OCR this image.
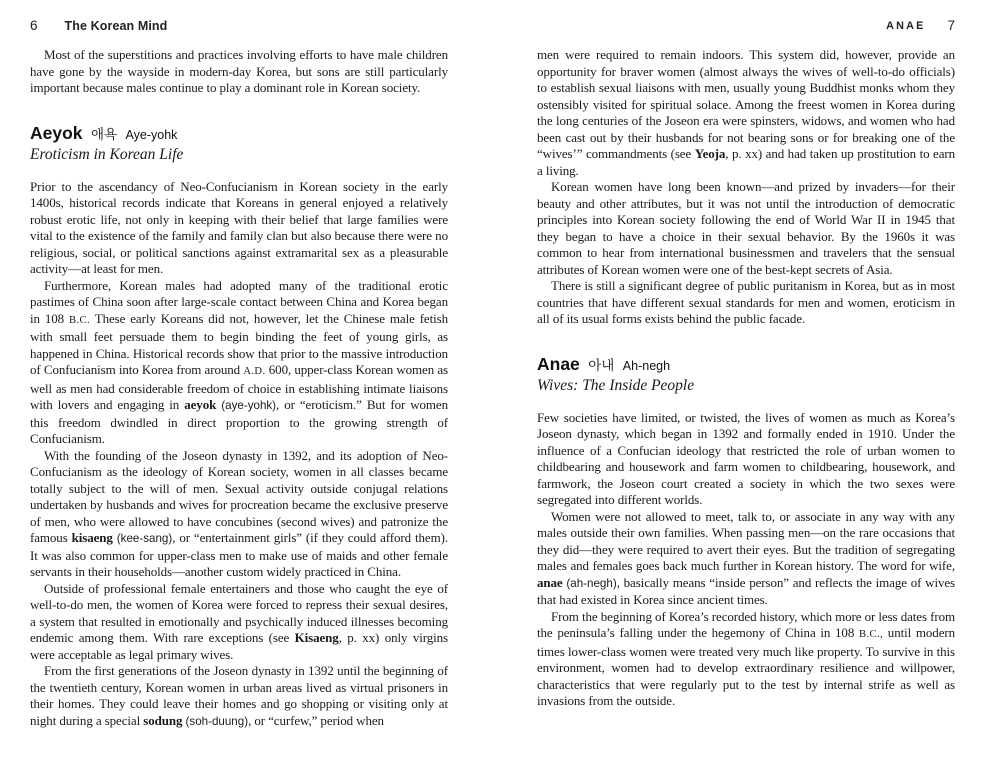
6 The Korean Mind

Most of the superstitions and practices involving efforts to have male children have gone by the wayside in modern-day Korea, but sons are still particularly important because males continue to play a dominant role in Korean society.

Aeyok 애욕 Aye-yohk
Eroticism in Korean Life

Prior to the ascendancy of Neo-Confucianism in Korean society in the early 1400s, historical records indicate that Koreans in general enjoyed a relatively robust erotic life, not only in keeping with their belief that large families were vital to the existence of the family and family clan but also because there were no religious, social, or political sanctions against extramarital sex as a pleasurable activity—at least for men.

Furthermore, Korean males had adopted many of the traditional erotic pastimes of China soon after large-scale contact between China and Korea began in 108 B.C. These early Koreans did not, however, let the Chinese male fetish with small feet persuade them to begin binding the feet of young girls, as happened in China. Historical records show that prior to the massive introduction of Confucianism into Korea from around A.D. 600, upper-class Korean women as well as men had considerable freedom of choice in establishing intimate liaisons with lovers and engaging in aeyok (aye-yohk), or “eroticism.” But for women this freedom dwindled in direct proportion to the growing strength of Confucianism.

With the founding of the Joseon dynasty in 1392, and its adoption of Neo-Confucianism as the ideology of Korean society, women in all classes became totally subject to the will of men. Sexual activity outside conjugal relations undertaken by husbands and wives for procreation became the exclusive preserve of men, who were allowed to have concubines (second wives) and patronize the famous kisaeng (kee-sang), or “entertainment girls” (if they could afford them). It was also common for upper-class men to make use of maids and other female servants in their households—another custom widely practiced in China.

Outside of professional female entertainers and those who caught the eye of well-to-do men, the women of Korea were forced to repress their sexual desires, a system that resulted in emotionally and psychically induced illnesses becoming endemic among them. With rare exceptions (see Kisaeng, p. xx) only virgins were acceptable as legal primary wives.

From the first generations of the Joseon dynasty in 1392 until the beginning of the twentieth century, Korean women in urban areas lived as virtual prisoners in their homes. They could leave their homes and go shopping or visiting only at night during a special sodung (soh-duung), or “curfew,” period when

ANAE 7

men were required to remain indoors. This system did, however, provide an opportunity for braver women (almost always the wives of well-to-do officials) to establish sexual liaisons with men, usually young Buddhist monks whom they ostensibly visited for spiritual solace. Among the freest women in Korea during the long centuries of the Joseon era were spinsters, widows, and women who had been cast out by their husbands for not bearing sons or for breaking one of the “wives’” commandments (see Yeoja, p. xx) and had taken up prostitution to earn a living.

Korean women have long been known—and prized by invaders—for their beauty and other attributes, but it was not until the introduction of democratic principles into Korean society following the end of World War II in 1945 that they began to have a choice in their sexual behavior. By the 1960s it was common to hear from international businessmen and travelers that the sensual attributes of Korean women were one of the best-kept secrets of Asia.

There is still a significant degree of public puritanism in Korea, but as in most countries that have different sexual standards for men and women, eroticism in all of its usual forms exists behind the public facade.

Anae 아내 Ah-negh
Wives: The Inside People

Few societies have limited, or twisted, the lives of women as much as Korea’s Joseon dynasty, which began in 1392 and formally ended in 1910. Under the influence of a Confucian ideology that restricted the role of urban women to childbearing and housework and farm women to childbearing, housework, and farmwork, the Joseon court created a society in which the two sexes were segregated into different worlds.

Women were not allowed to meet, talk to, or associate in any way with any males outside their own families. When passing men—on the rare occasions that they did—they were required to avert their eyes. But the tradition of segregating males and females goes back much further in Korean history. The word for wife, anae (ah-negh), basically means “inside person” and reflects the image of wives that had existed in Korea since ancient times.

From the beginning of Korea’s recorded history, which more or less dates from the peninsula’s falling under the hegemony of China in 108 B.C., until modern times lower-class women were treated very much like property. To survive in this environment, women had to develop extraordinary resilience and willpower, characteristics that were regularly put to the test by internal strife as well as invasions from the outside.
